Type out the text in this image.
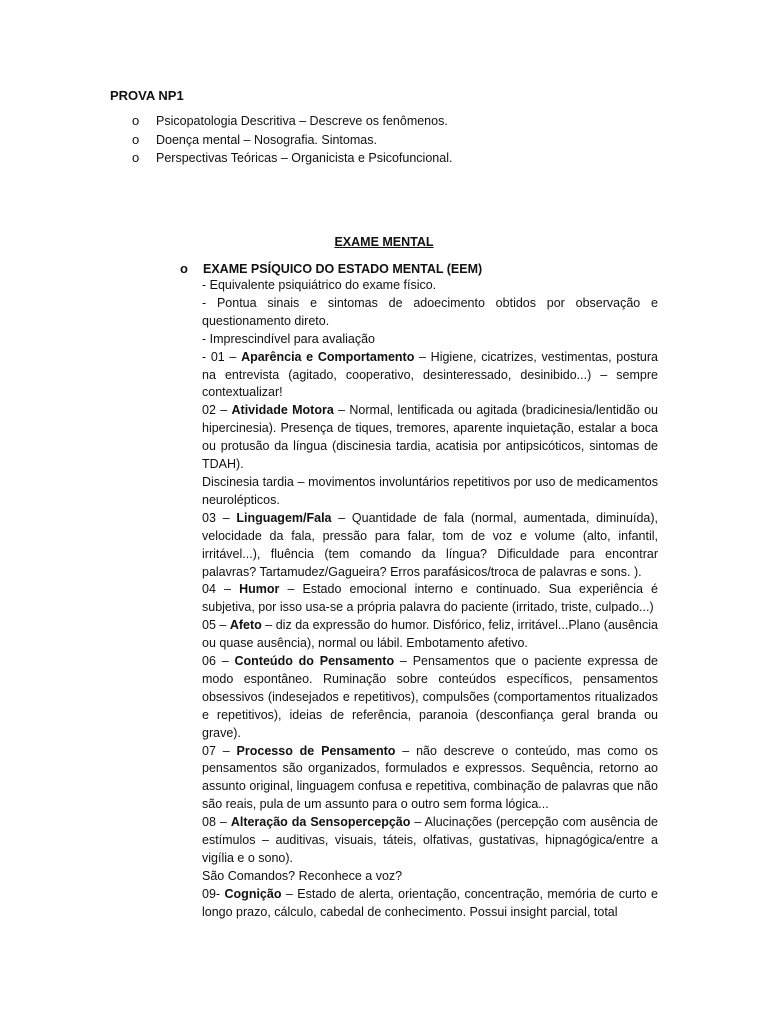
PROVA NP1
o Psicopatologia Descritiva – Descreve os fenômenos.
o Doença mental – Nosografia. Sintomas.
o Perspectivas Teóricas – Organicista e Psicofuncional.
EXAME MENTAL
o EXAME PSÍQUICO DO ESTADO MENTAL (EEM)

- Equivalente psiquiátrico do exame físico.

- Pontua sinais e sintomas de adoecimento obtidos por observação e questionamento direto.

- Imprescindível para avaliação

- 01 – Aparência e Comportamento – Higiene, cicatrizes, vestimentas, postura na entrevista (agitado, cooperativo, desinteressado, desinibido...) – sempre contextualizar!

02 – Atividade Motora – Normal, lentificada ou agitada (bradicinesia/lentidão ou hipercinesia). Presença de tiques, tremores, aparente inquietação, estalar a boca ou protusão da língua (discinesia tardia, acatisia por antipsicóticos, sintomas de TDAH).

Discinesia tardia – movimentos involuntários repetitivos por uso de medicamentos neurolépticos.

03 – Linguagem/Fala – Quantidade de fala (normal, aumentada, diminuída), velocidade da fala, pressão para falar, tom de voz e volume (alto, infantil, irritável...), fluência (tem comando da língua? Dificuldade para encontrar palavras? Tartamudez/Gagueira? Erros parafásicos/troca de palavras e sons. ).

04 – Humor – Estado emocional interno e continuado. Sua experiência é subjetiva, por isso usa-se a própria palavra do paciente (irritado, triste, culpado...)

05 – Afeto – diz da expressão do humor. Disfórico, feliz, irritável...Plano (ausência ou quase ausência), normal ou lábil. Embotamento afetivo.

06 – Conteúdo do Pensamento – Pensamentos que o paciente expressa de modo espontâneo. Ruminação sobre conteúdos específicos, pensamentos obsessivos (indesejados e repetitivos), compulsões (comportamentos ritualizados e repetitivos), ideias de referência, paranoia (desconfiança geral branda ou grave).

07 – Processo de Pensamento – não descreve o conteúdo, mas como os pensamentos são organizados, formulados e expressos. Sequência, retorno ao assunto original, linguagem confusa e repetitiva, combinação de palavras que não são reais, pula de um assunto para o outro sem forma lógica...

08 – Alteração da Sensopercepção – Alucinações (percepção com ausência de estímulos – auditivas, visuais, táteis, olfativas, gustativas, hipnagógica/entre a vigília e o sono).

São Comandos? Reconhece a voz?

09- Cognição – Estado de alerta, orientação, concentração, memória de curto e longo prazo, cálculo, cabedal de conhecimento. Possui insight parcial, total
